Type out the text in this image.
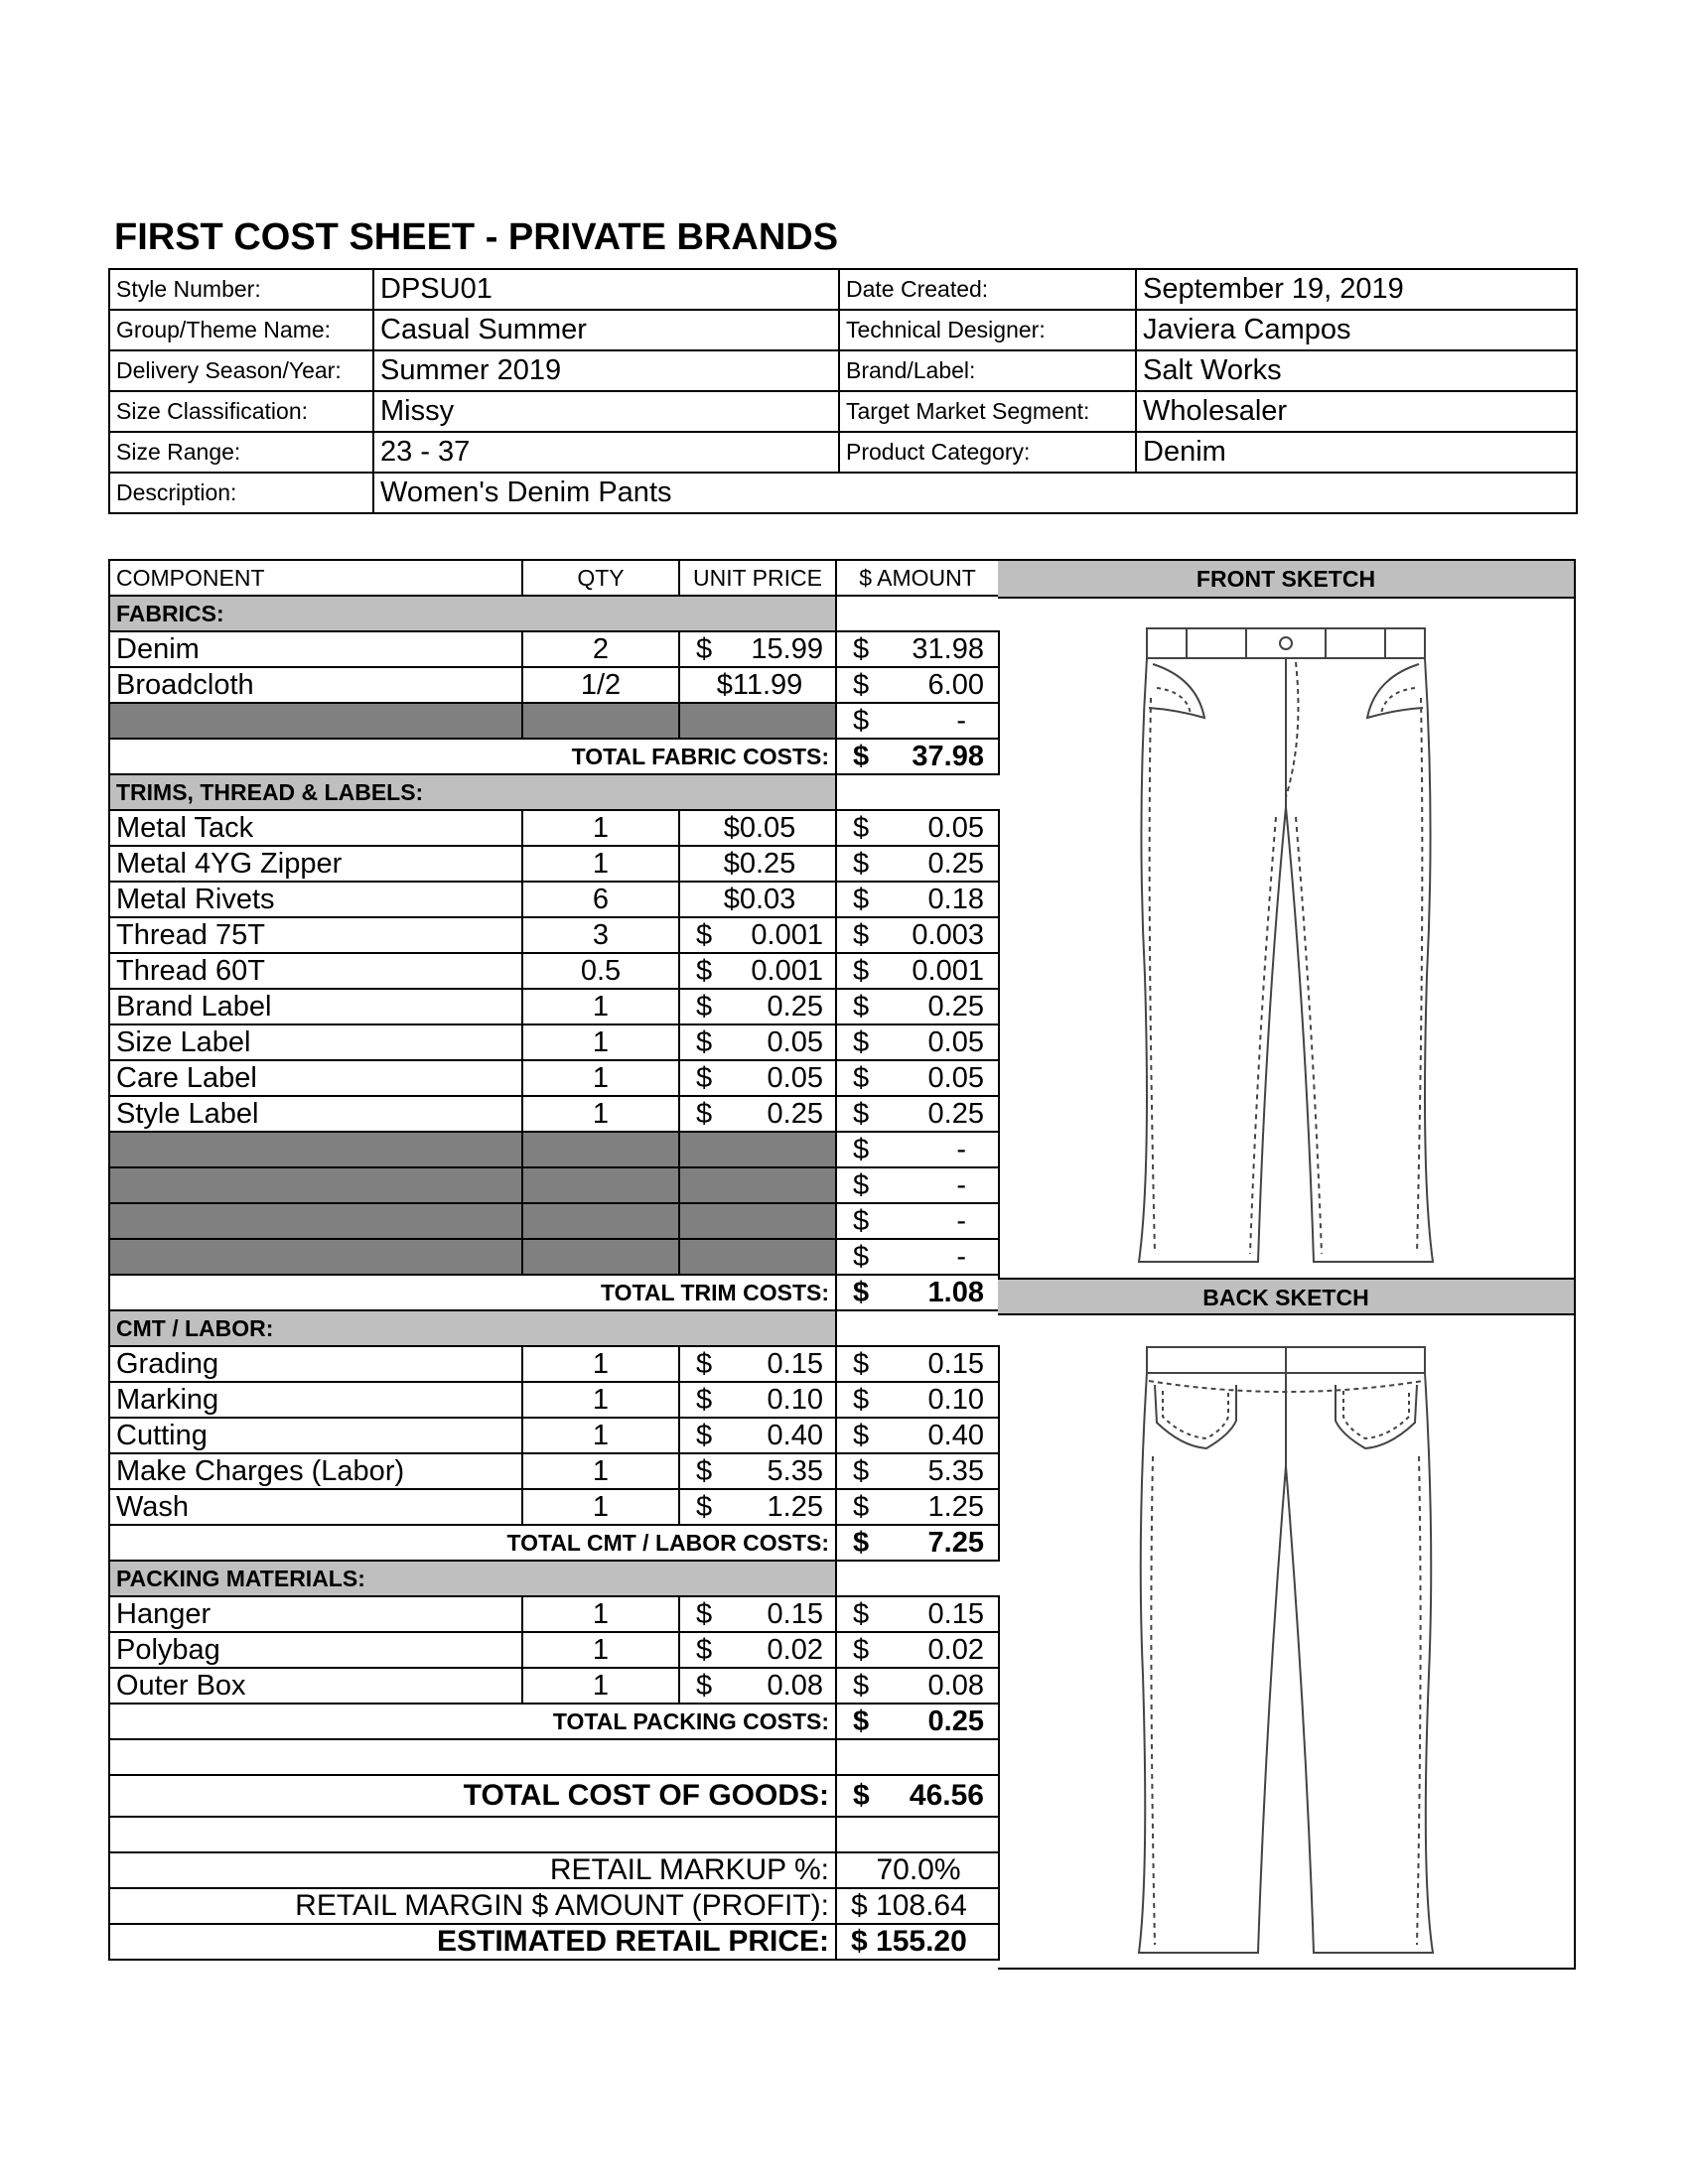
FIRST COST SHEET - PRIVATE BRANDS
Style Number:	DPSU01	Date Created:	September 19, 2019
Group/Theme Name:	Casual Summer	Technical Designer:	Javiera Campos
Delivery Season/Year:	Summer 2019	Brand/Label:	Salt Works
Size Classification:	Missy	Target Market Segment:	Wholesaler
Size Range:	23 - 37	Product Category:	Denim
Description:	Women's Denim Pants		
COMPONENT	QTY	UNIT PRICE	$ AMOUNT
FABRICS:			
Denim	2	$ 15.99	$ 31.98

Broadcloth	1/2	$11.99	$ 6.00

			$ -

TOTAL FABRIC COSTS:			$ 37.98

TRIMS, THREAD & LABELS:			
Metal Tack	1	$0.05	$ 0.05

Metal 4YG Zipper	1	$0.25	$ 0.25

Metal Rivets	6	$0.03	$ 0.18

Thread 75T	3	$ 0.001	$ 0.003

Thread 60T	0.5	$ 0.001	$ 0.001

Brand Label	1	$ 0.25	$ 0.25

Size Label	1	$ 0.05	$ 0.05

Care Label	1	$ 0.05	$ 0.05

Style Label	1	$ 0.25	$ 0.25

			$ -

			$ -

			$ -

			$ -

TOTAL TRIM COSTS:			$ 1.08

CMT / LABOR:			
Grading	1	$ 0.15	$ 0.15

Marking	1	$ 0.10	$ 0.10

Cutting	1	$ 0.40	$ 0.40

Make Charges (Labor)	1	$ 5.35	$ 5.35

Wash	1	$ 1.25	$ 1.25

TOTAL CMT / LABOR COSTS:			$ 7.25

PACKING MATERIALS:			
Hanger	1	$ 0.15	$ 0.15

Polybag	1	$ 0.02	$ 0.02

Outer Box	1	$ 0.08	$ 0.08

TOTAL PACKING COSTS:			$ 0.25

TOTAL COST OF GOODS:			$ 46.56

RETAIL MARKUP %:			70.0%
RETAIL MARGIN $ AMOUNT (PROFIT):			$ 108.64
ESTIMATED RETAIL PRICE:			$ 155.20
FRONT SKETCH
BACK SKETCH
